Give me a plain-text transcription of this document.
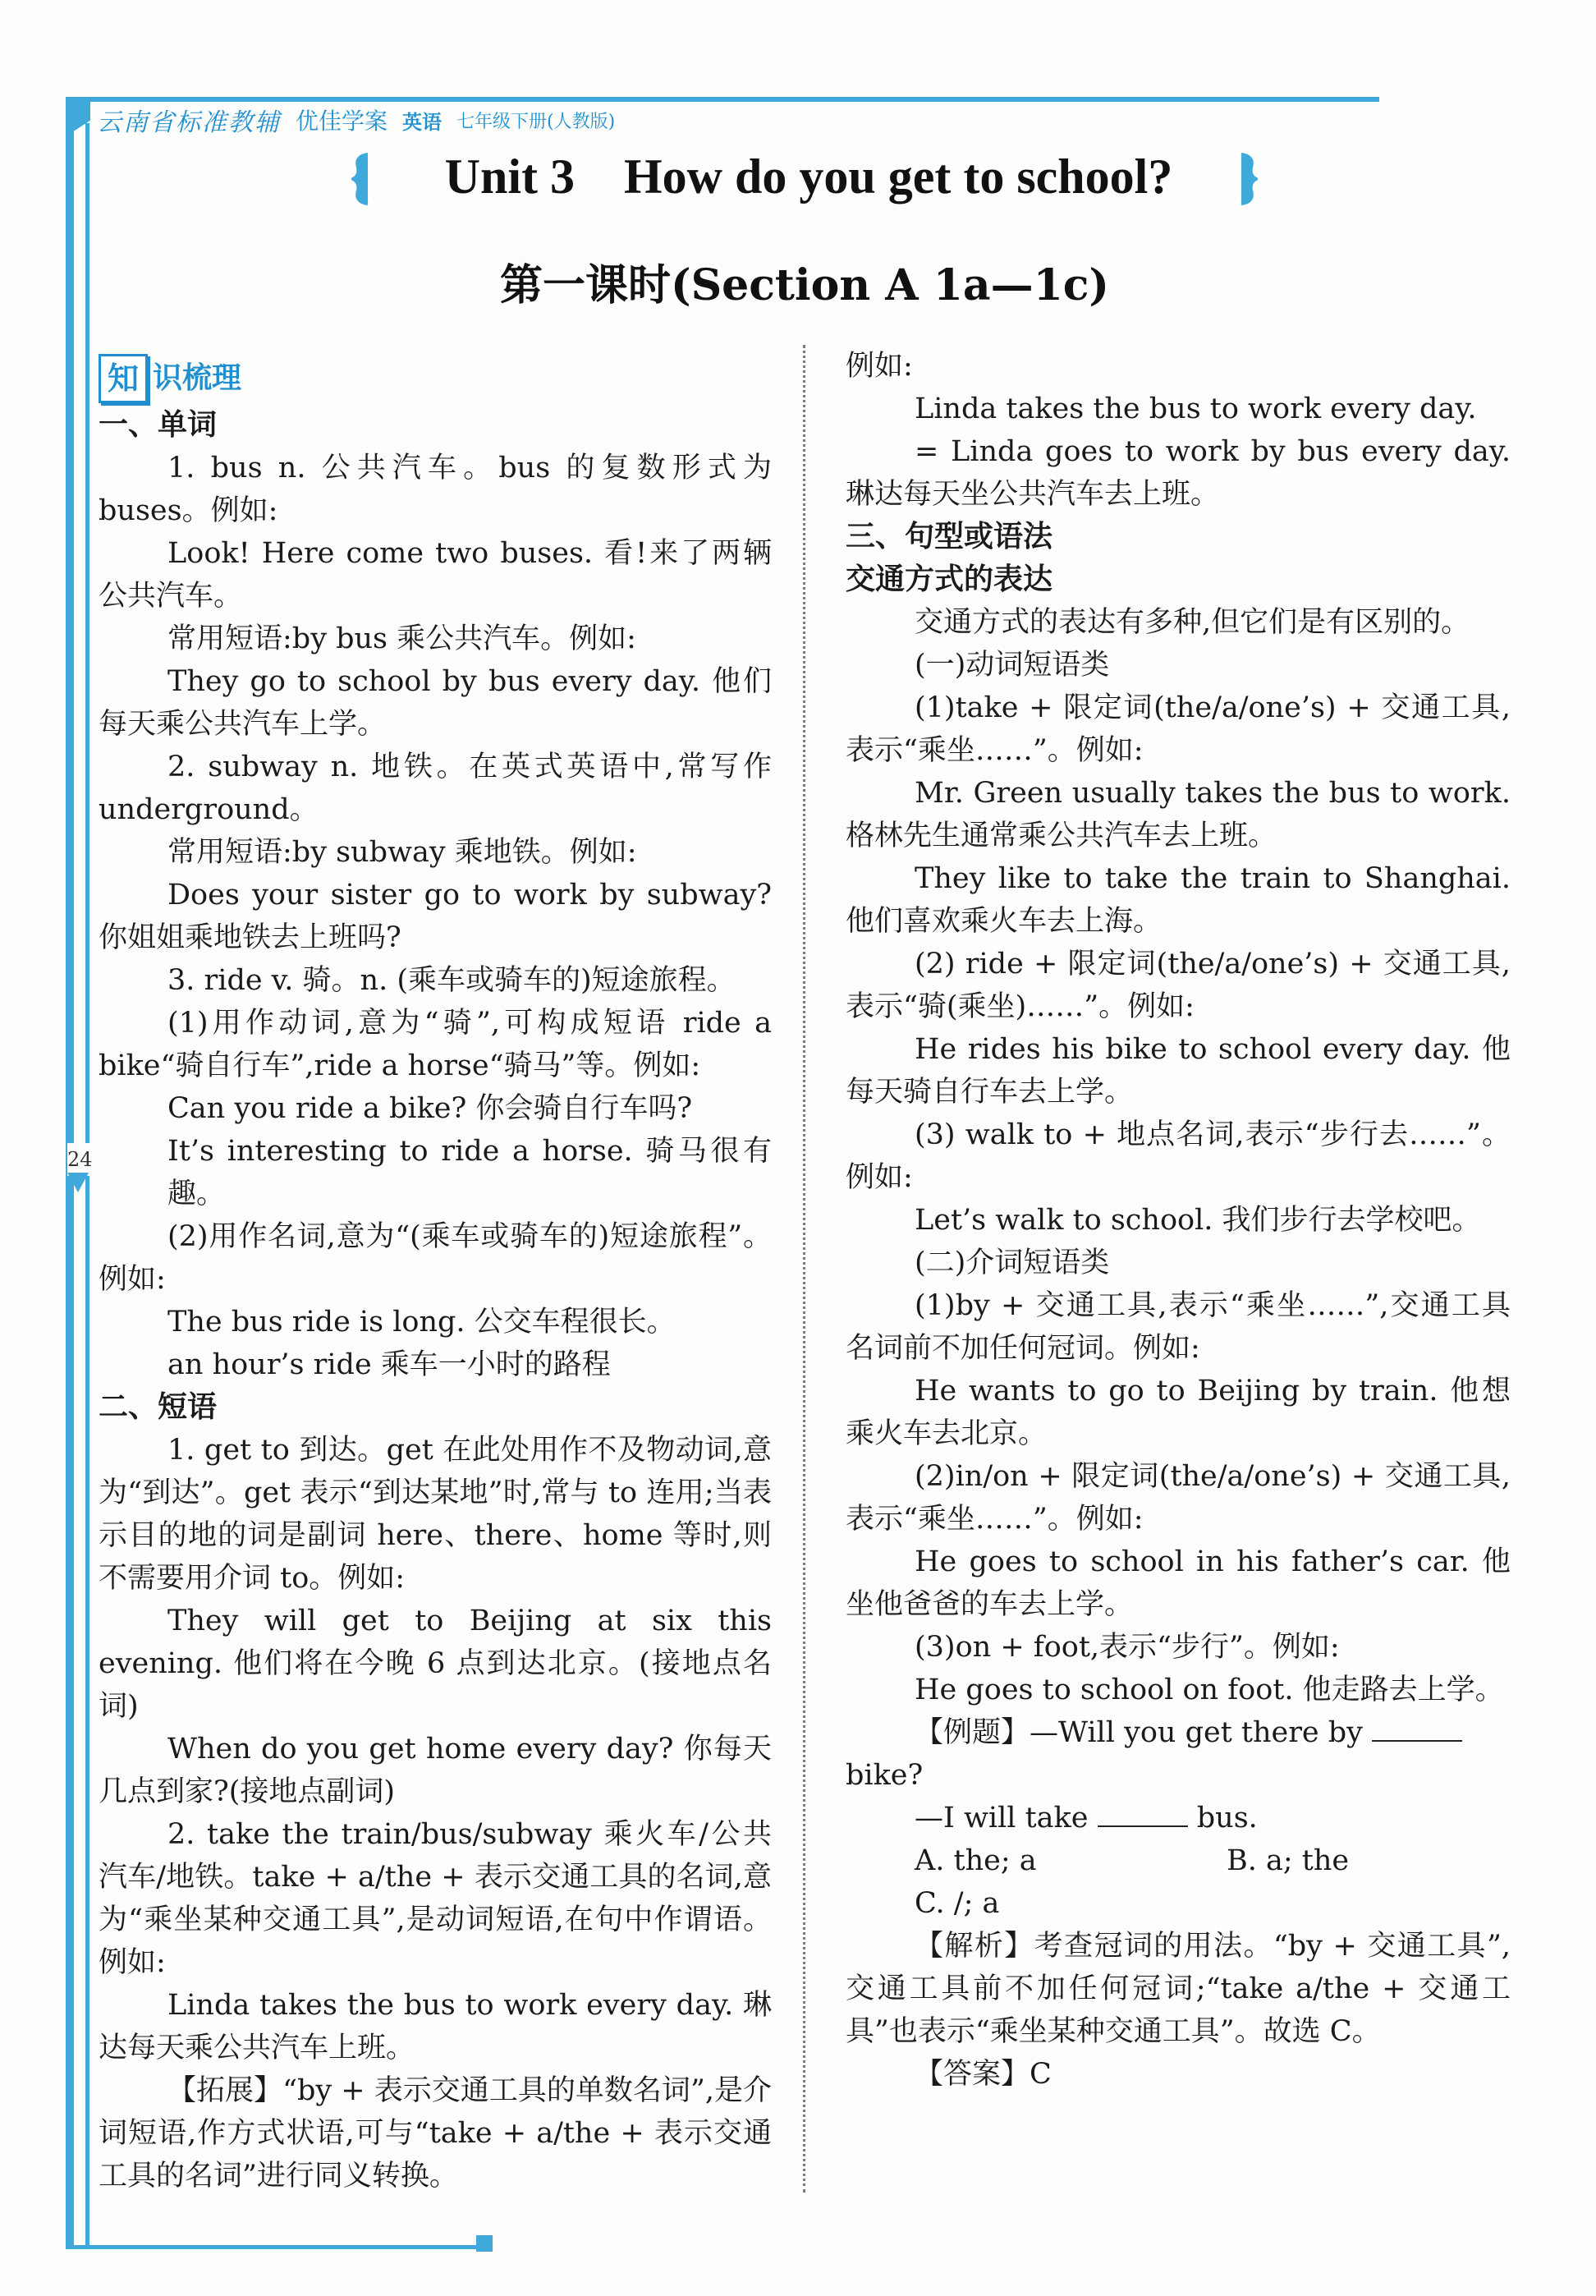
云南省标准教辅 优佳学案 英语 七年级下册(人教版)
Unit 3    How do you get to school?
第一课时(Section A 1a—1c)
24
知 识梳理

一、单词

1. bus n. 公共汽车。bus 的复数形式为 buses。例如:

Look! Here come two buses. 看!来了两辆公共汽车。

常用短语:by bus 乘公共汽车。例如:

They go to school by bus every day. 他们每天乘公共汽车上学。

2. subway n. 地铁。在英式英语中,常写作 underground。

常用短语:by subway 乘地铁。例如:

Does your sister go to work by subway? 你姐姐乘地铁去上班吗?

3. ride v. 骑。n. (乘车或骑车的)短途旅程。

(1)用作动词,意为“骑”,可构成短语 ride a bike“骑自行车”,ride a horse“骑马”等。例如:

Can you ride a bike? 你会骑自行车吗?

It’s interesting to ride a horse. 骑马很有趣。

(2)用作名词,意为“(乘车或骑车的)短途旅程”。例如:

The bus ride is long. 公交车程很长。

an hour’s ride 乘车一小时的路程

二、短语

1. get to 到达。get 在此处用作不及物动词,意为“到达”。get 表示“到达某地”时,常与 to 连用;当表示目的地的词是副词 here、there、home 等时,则不需要用介词 to。例如:

They will get to Beijing at six this evening. 他们将在今晚 6 点到达北京。(接地点名词)

When do you get home every day? 你每天几点到家?(接地点副词)

2. take the train/bus/subway 乘火车/公共汽车/地铁。take + a/the + 表示交通工具的名词,意为“乘坐某种交通工具”,是动词短语,在句中作谓语。例如:

Linda takes the bus to work every day. 琳达每天乘公共汽车上班。

【拓展】“by + 表示交通工具的单数名词”,是介词短语,作方式状语,可与“take + a/the + 表示交通工具的名词”进行同义转换。

例如:

Linda takes the bus to work every day.

= Linda goes to work by bus every day. 琳达每天坐公共汽车去上班。

三、句型或语法

交通方式的表达

交通方式的表达有多种,但它们是有区别的。

(一)动词短语类

(1)take + 限定词(the/a/one’s) + 交通工具,表示“乘坐……”。例如:

Mr. Green usually takes the bus to work. 格林先生通常乘公共汽车去上班。

They like to take the train to Shanghai. 他们喜欢乘火车去上海。

(2) ride + 限定词(the/a/one’s) + 交通工具,表示“骑(乘坐)……”。例如:

He rides his bike to school every day. 他每天骑自行车去上学。

(3) walk to + 地点名词,表示“步行去……”。例如:

Let’s walk to school. 我们步行去学校吧。

(二)介词短语类

(1)by + 交通工具,表示“乘坐……”,交通工具名词前不加任何冠词。例如:

He wants to go to Beijing by train. 他想乘火车去北京。

(2)in/on + 限定词(the/a/one’s) + 交通工具,表示“乘坐……”。例如:

He goes to school in his father’s car. 他坐他爸爸的车去上学。

(3)on + foot,表示“步行”。例如:

He goes to school on foot. 他走路去上学。

【例题】—Will you get there by

bike?

—I will take	bus.

A. the; a	B. a; the

C. /; a

【解析】考查冠词的用法。“by + 交通工具”,交通工具前不加任何冠词;“take a/the + 交通工具”也表示“乘坐某种交通工具”。故选 C。

【答案】C
